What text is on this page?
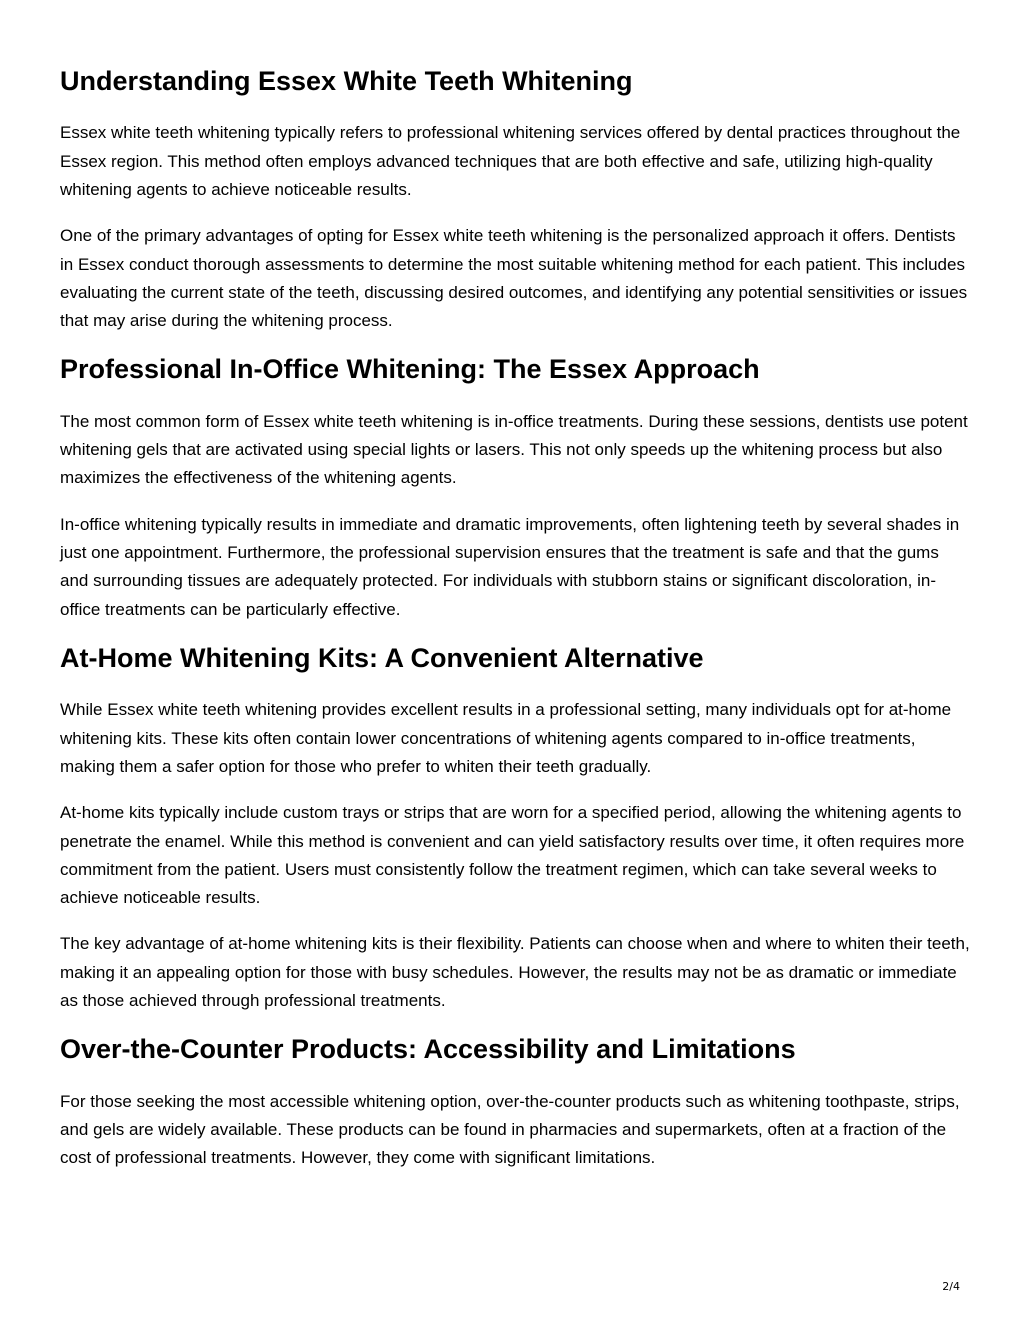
Understanding Essex White Teeth Whitening

Essex white teeth whitening typically refers to professional whitening services offered by dental practices throughout the Essex region. This method often employs advanced techniques that are both effective and safe, utilizing high-quality whitening agents to achieve noticeable results.

One of the primary advantages of opting for Essex white teeth whitening is the personalized approach it offers. Dentists in Essex conduct thorough assessments to determine the most suitable whitening method for each patient. This includes evaluating the current state of the teeth, discussing desired outcomes, and identifying any potential sensitivities or issues that may arise during the whitening process.

Professional In-Office Whitening: The Essex Approach

The most common form of Essex white teeth whitening is in-office treatments. During these sessions, dentists use potent whitening gels that are activated using special lights or lasers. This not only speeds up the whitening process but also maximizes the effectiveness of the whitening agents.

In-office whitening typically results in immediate and dramatic improvements, often lightening teeth by several shades in just one appointment. Furthermore, the professional supervision ensures that the treatment is safe and that the gums and surrounding tissues are adequately protected. For individuals with stubborn stains or significant discoloration, in-office treatments can be particularly effective.

At-Home Whitening Kits: A Convenient Alternative

While Essex white teeth whitening provides excellent results in a professional setting, many individuals opt for at-home whitening kits. These kits often contain lower concentrations of whitening agents compared to in-office treatments, making them a safer option for those who prefer to whiten their teeth gradually.

At-home kits typically include custom trays or strips that are worn for a specified period, allowing the whitening agents to penetrate the enamel. While this method is convenient and can yield satisfactory results over time, it often requires more commitment from the patient. Users must consistently follow the treatment regimen, which can take several weeks to achieve noticeable results.

The key advantage of at-home whitening kits is their flexibility. Patients can choose when and where to whiten their teeth, making it an appealing option for those with busy schedules. However, the results may not be as dramatic or immediate as those achieved through professional treatments.

Over-the-Counter Products: Accessibility and Limitations

For those seeking the most accessible whitening option, over-the-counter products such as whitening toothpaste, strips, and gels are widely available. These products can be found in pharmacies and supermarkets, often at a fraction of the cost of professional treatments. However, they come with significant limitations.

2/4
